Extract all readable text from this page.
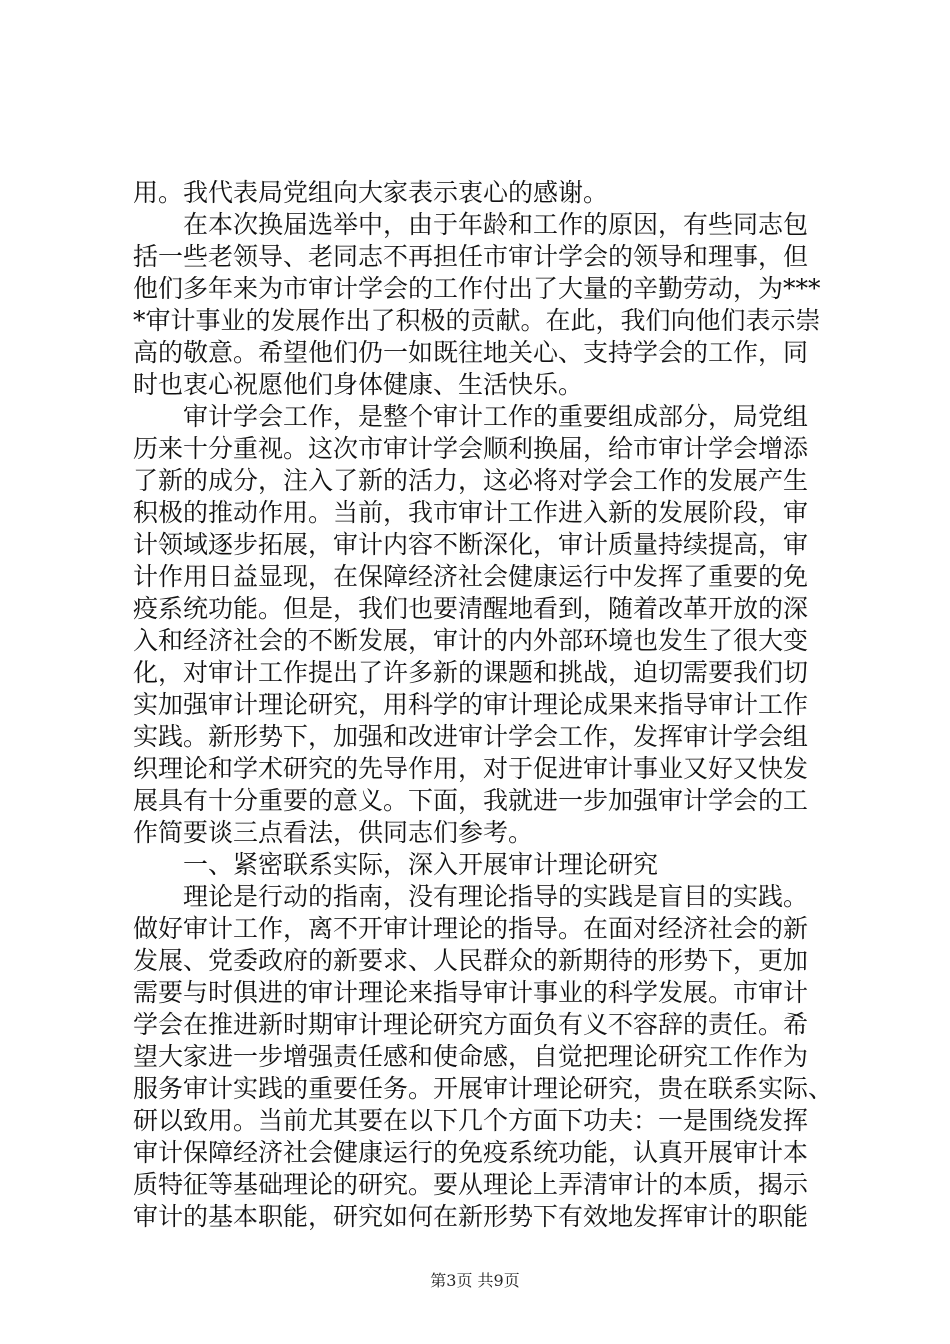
用。我代表局党组向大家表示衷心的感谢。
　　在本次换届选举中，由于年龄和工作的原因，有些同志包
括一些老领导、老同志不再担任市审计学会的领导和理事，但
他们多年来为市审计学会的工作付出了大量的辛勤劳动，为***
*审计事业的发展作出了积极的贡献。在此，我们向他们表示崇
高的敬意。希望他们仍一如既往地关心、支持学会的工作，同
时也衷心祝愿他们身体健康、生活快乐。
　　审计学会工作，是整个审计工作的重要组成部分，局党组
历来十分重视。这次市审计学会顺利换届，给市审计学会增添
了新的成分，注入了新的活力，这必将对学会工作的发展产生
积极的推动作用。当前，我市审计工作进入新的发展阶段，审
计领域逐步拓展，审计内容不断深化，审计质量持续提高，审
计作用日益显现，在保障经济社会健康运行中发挥了重要的免
疫系统功能。但是，我们也要清醒地看到，随着改革开放的深
入和经济社会的不断发展，审计的内外部环境也发生了很大变
化，对审计工作提出了许多新的课题和挑战，迫切需要我们切
实加强审计理论研究，用科学的审计理论成果来指导审计工作
实践。新形势下，加强和改进审计学会工作，发挥审计学会组
织理论和学术研究的先导作用，对于促进审计事业又好又快发
展具有十分重要的意义。下面，我就进一步加强审计学会的工
作简要谈三点看法，供同志们参考。
　　一、紧密联系实际，深入开展审计理论研究
　　理论是行动的指南，没有理论指导的实践是盲目的实践。
做好审计工作，离不开审计理论的指导。在面对经济社会的新
发展、党委政府的新要求、人民群众的新期待的形势下，更加
需要与时俱进的审计理论来指导审计事业的科学发展。市审计
学会在推进新时期审计理论研究方面负有义不容辞的责任。希
望大家进一步增强责任感和使命感，自觉把理论研究工作作为
服务审计实践的重要任务。开展审计理论研究，贵在联系实际、
研以致用。当前尤其要在以下几个方面下功夫：一是围绕发挥
审计保障经济社会健康运行的免疫系统功能，认真开展审计本
质特征等基础理论的研究。要从理论上弄清审计的本质，揭示
审计的基本职能，研究如何在新形势下有效地发挥审计的职能
第3页 共9页
